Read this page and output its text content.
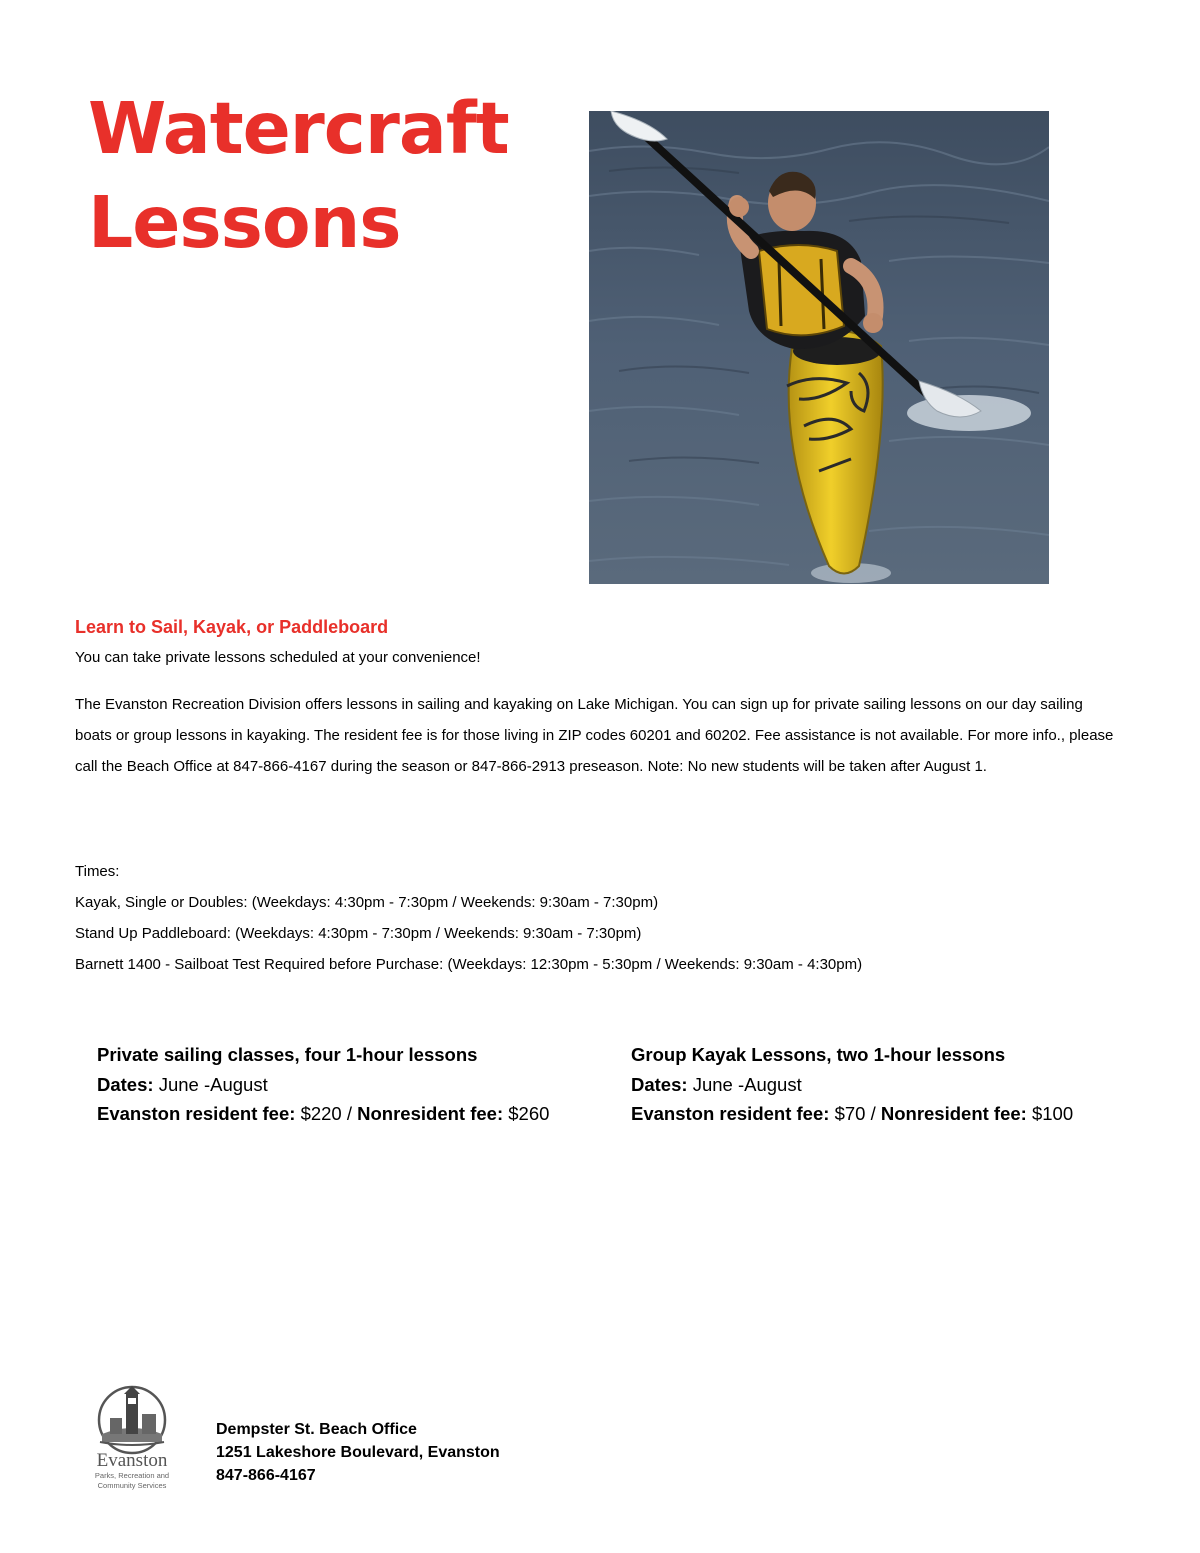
Watercraft
Lessons
Learn to Sail, Kayak, or Paddleboard

You can take private lessons scheduled at your convenience!

The Evanston Recreation Division offers lessons in sailing and kayaking on Lake Michigan. You can sign up for private sailing lessons on our day sailing boats or group lessons in kayaking. The resident fee is for those living in ZIP codes 60201 and 60202. Fee assistance is not available. For more info., please call the Beach Office at 847-866-4167 during the season or 847-866-2913 preseason. Note: No new students will be taken after August 1.

Times:
Kayak, Single or Doubles: (Weekdays: 4:30pm - 7:30pm / Weekends: 9:30am - 7:30pm)
Stand Up Paddleboard: (Weekdays: 4:30pm - 7:30pm / Weekends: 9:30am - 7:30pm)
Barnett 1400 - Sailboat Test Required before Purchase: (Weekdays: 12:30pm - 5:30pm / Weekends: 9:30am - 4:30pm)
Private sailing classes, four 1-hour lessons
Dates: June -August
Evanston resident fee: $220 / Nonresident fee: $260
Group Kayak Lessons, two 1-hour lessons
Dates: June -August
Evanston resident fee: $70 / Nonresident fee: $100
Evanston
Parks, Recreation and
Community Services
Dempster St. Beach Office
1251 Lakeshore Boulevard, Evanston
847-866-4167
